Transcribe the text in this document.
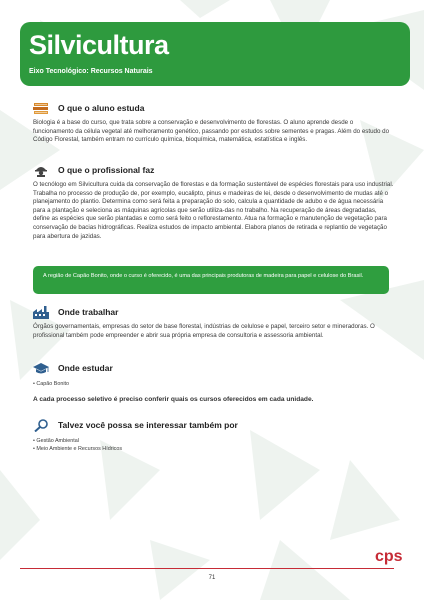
Silvicultura
Eixo Tecnológico: Recursos Naturais
O que o aluno estuda

Biologia é a base do curso, que trata sobre a conservação e desenvolvimento de florestas. O aluno aprende desde o funcionamento da célula vegetal até melhoramento genético, passando por estudos sobre sementes e pragas. Além do estudo do Código Florestal, também entram no currículo química, bioquímica, matemática, estatística e inglês.

O que o profissional faz

O tecnólogo em Silvicultura cuida da conservação de florestas e da formação sustentável de espécies florestais para uso industrial. Trabalha no processo de produção de, por exemplo, eucalipto, pinus e madeiras de lei, desde o desenvolvimento de mudas até o planejamento do plantio. Determina como será feita a preparação do solo, calcula a quantidade de adubo e de água necessária para a plantação e seleciona as máquinas agrícolas que serão utiliza-das no trabalho. Na recuperação de áreas degradadas, define as espécies que serão plantadas e como será feito o reflorestamento. Atua na formação e manutenção de vegetação para conservação de bacias hidrográficas. Realiza estudos de impacto ambiental. Elabora planos de retirada e replantio de vegetação para abertura de jazidas.

A região de Capão Bonito, onde o curso é oferecido, é uma das principais produtoras de madeira para papel e celulose do Brasil.
Onde trabalhar

Órgãos governamentais, empresas do setor de base florestal, indústrias de celulose e papel, terceiro setor e mineradoras. O profissional também pode empreender e abrir sua própria empresa de consultoria e assessoria ambiental.

Onde estudar
• Capão Bonito
A cada processo seletivo é preciso conferir quais os cursos oferecidos em cada unidade.
Talvez você possa se interessar também por
• Gestão Ambiental
• Meio Ambiente e Recursos Hídricos
cps
71
